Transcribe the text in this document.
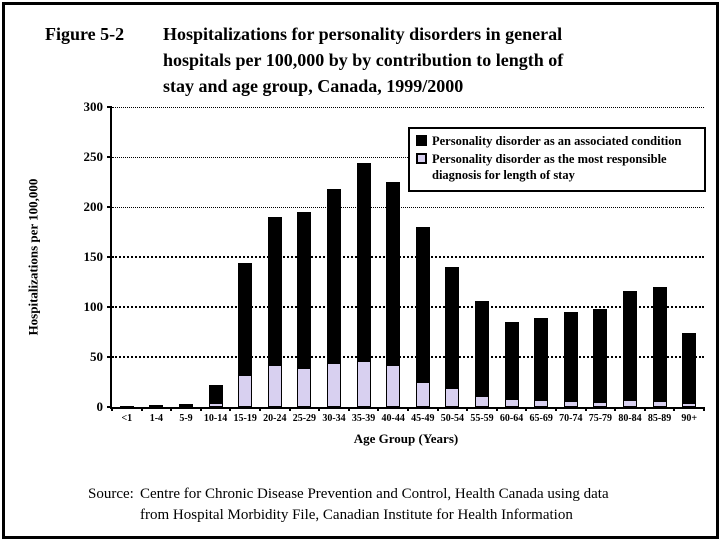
Figure 5-2	Hospitalizations for personality disorders in general
hospitals per 100,000 by by contribution to length of
stay and age group, Canada, 1999/2000
Hospitalizations per 100,000
Personality disorder as an associated condition
Personality disorder as the most responsible diagnosis for length of stay
0
50
100
150
200
250
300
<1	1-4	5-9	10-14 15-19 20-24 25-29 30-34 35-39 40-44 45-49 50-54 55-59 60-64 65-69 70-74 75-79 80-84 85-89	90+
Age Group (Years)
Source: Centre for Chronic Disease Prevention and Control, Health Canada using data
from Hospital Morbidity File, Canadian Institute for Health Information
